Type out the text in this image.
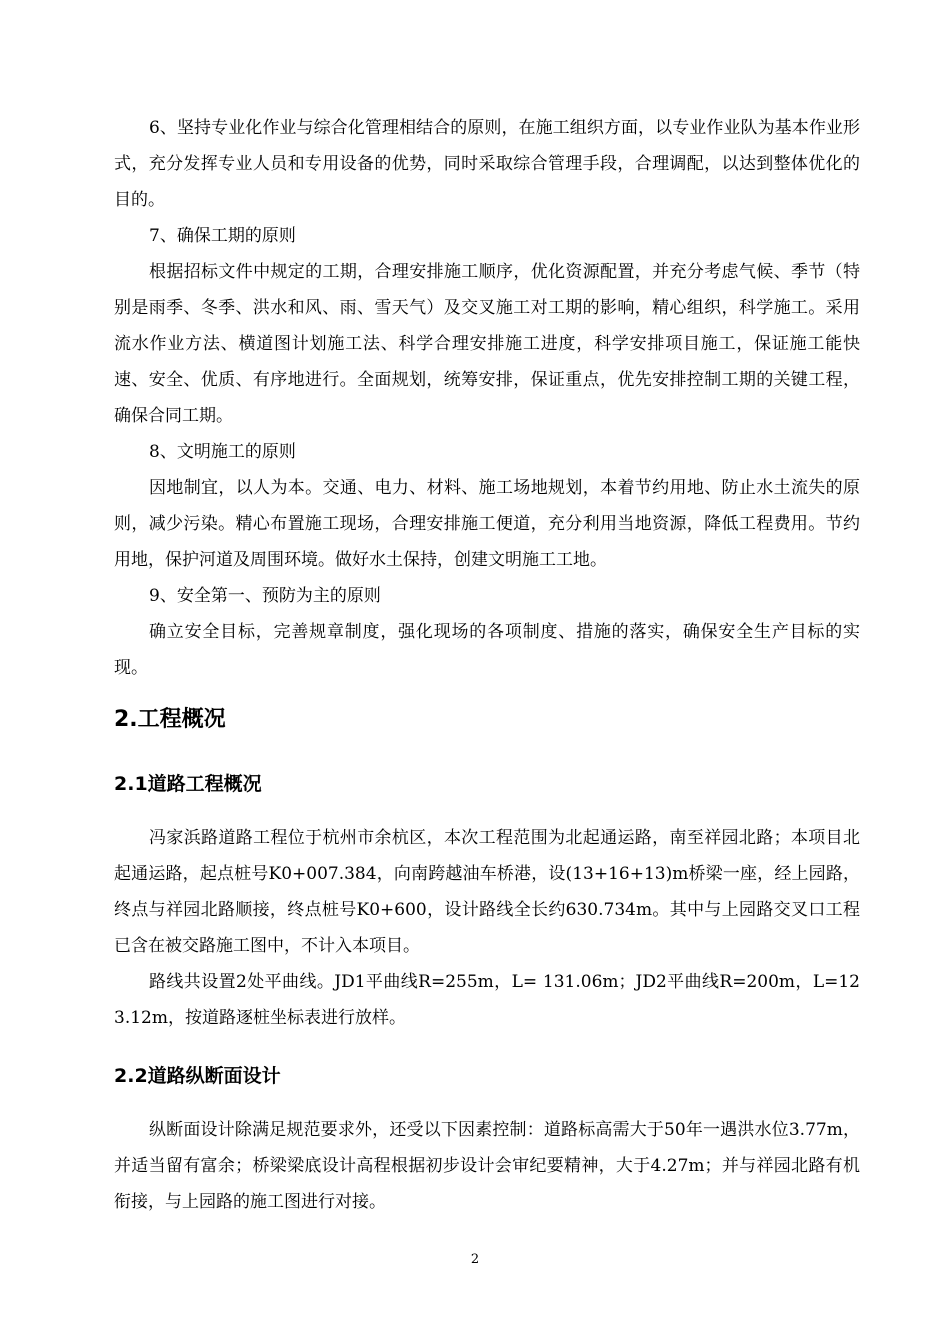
6、坚持专业化作业与综合化管理相结合的原则，在施工组织方面，以专业作业队为基本作业形式，充分发挥专业人员和专用设备的优势，同时采取综合管理手段，合理调配，以达到整体优化的目的。

7、确保工期的原则

根据招标文件中规定的工期，合理安排施工顺序，优化资源配置，并充分考虑气候、季节（特别是雨季、冬季、洪水和风、雨、雪天气）及交叉施工对工期的影响，精心组织，科学施工。采用流水作业方法、横道图计划施工法、科学合理安排施工进度，科学安排项目施工，保证施工能快速、安全、优质、有序地进行。全面规划，统筹安排，保证重点，优先安排控制工期的关键工程，确保合同工期。

8、文明施工的原则

因地制宜，以人为本。交通、电力、材料、施工场地规划，本着节约用地、防止水土流失的原则，减少污染。精心布置施工现场，合理安排施工便道，充分利用当地资源，降低工程费用。节约用地，保护河道及周围环境。做好水土保持，创建文明施工工地。

9、安全第一、预防为主的原则

确立安全目标，完善规章制度，强化现场的各项制度、措施的落实，确保安全生产目标的实现。

2.工程概况
2.1道路工程概况

冯家浜路道路工程位于杭州市余杭区，本次工程范围为北起通运路，南至祥园北路；本项目北起通运路，起点桩号K0+007.384，向南跨越油车桥港，设(13+16+13)m桥梁一座，经上园路，终点与祥园北路顺接，终点桩号K0+600，设计路线全长约630.734m。其中与上园路交叉口工程已含在被交路施工图中，不计入本项目。

路线共设置2处平曲线。JD1平曲线R=255m，L= 131.06m；JD2平曲线R=200m，L=123.12m，按道路逐桩坐标表进行放样。

2.2道路纵断面设计

纵断面设计除满足规范要求外，还受以下因素控制：道路标高需大于50年一遇洪水位3.77m，并适当留有富余；桥梁梁底设计高程根据初步设计会审纪要精神，大于4.27m；并与祥园北路有机衔接，与上园路的施工图进行对接。

2
